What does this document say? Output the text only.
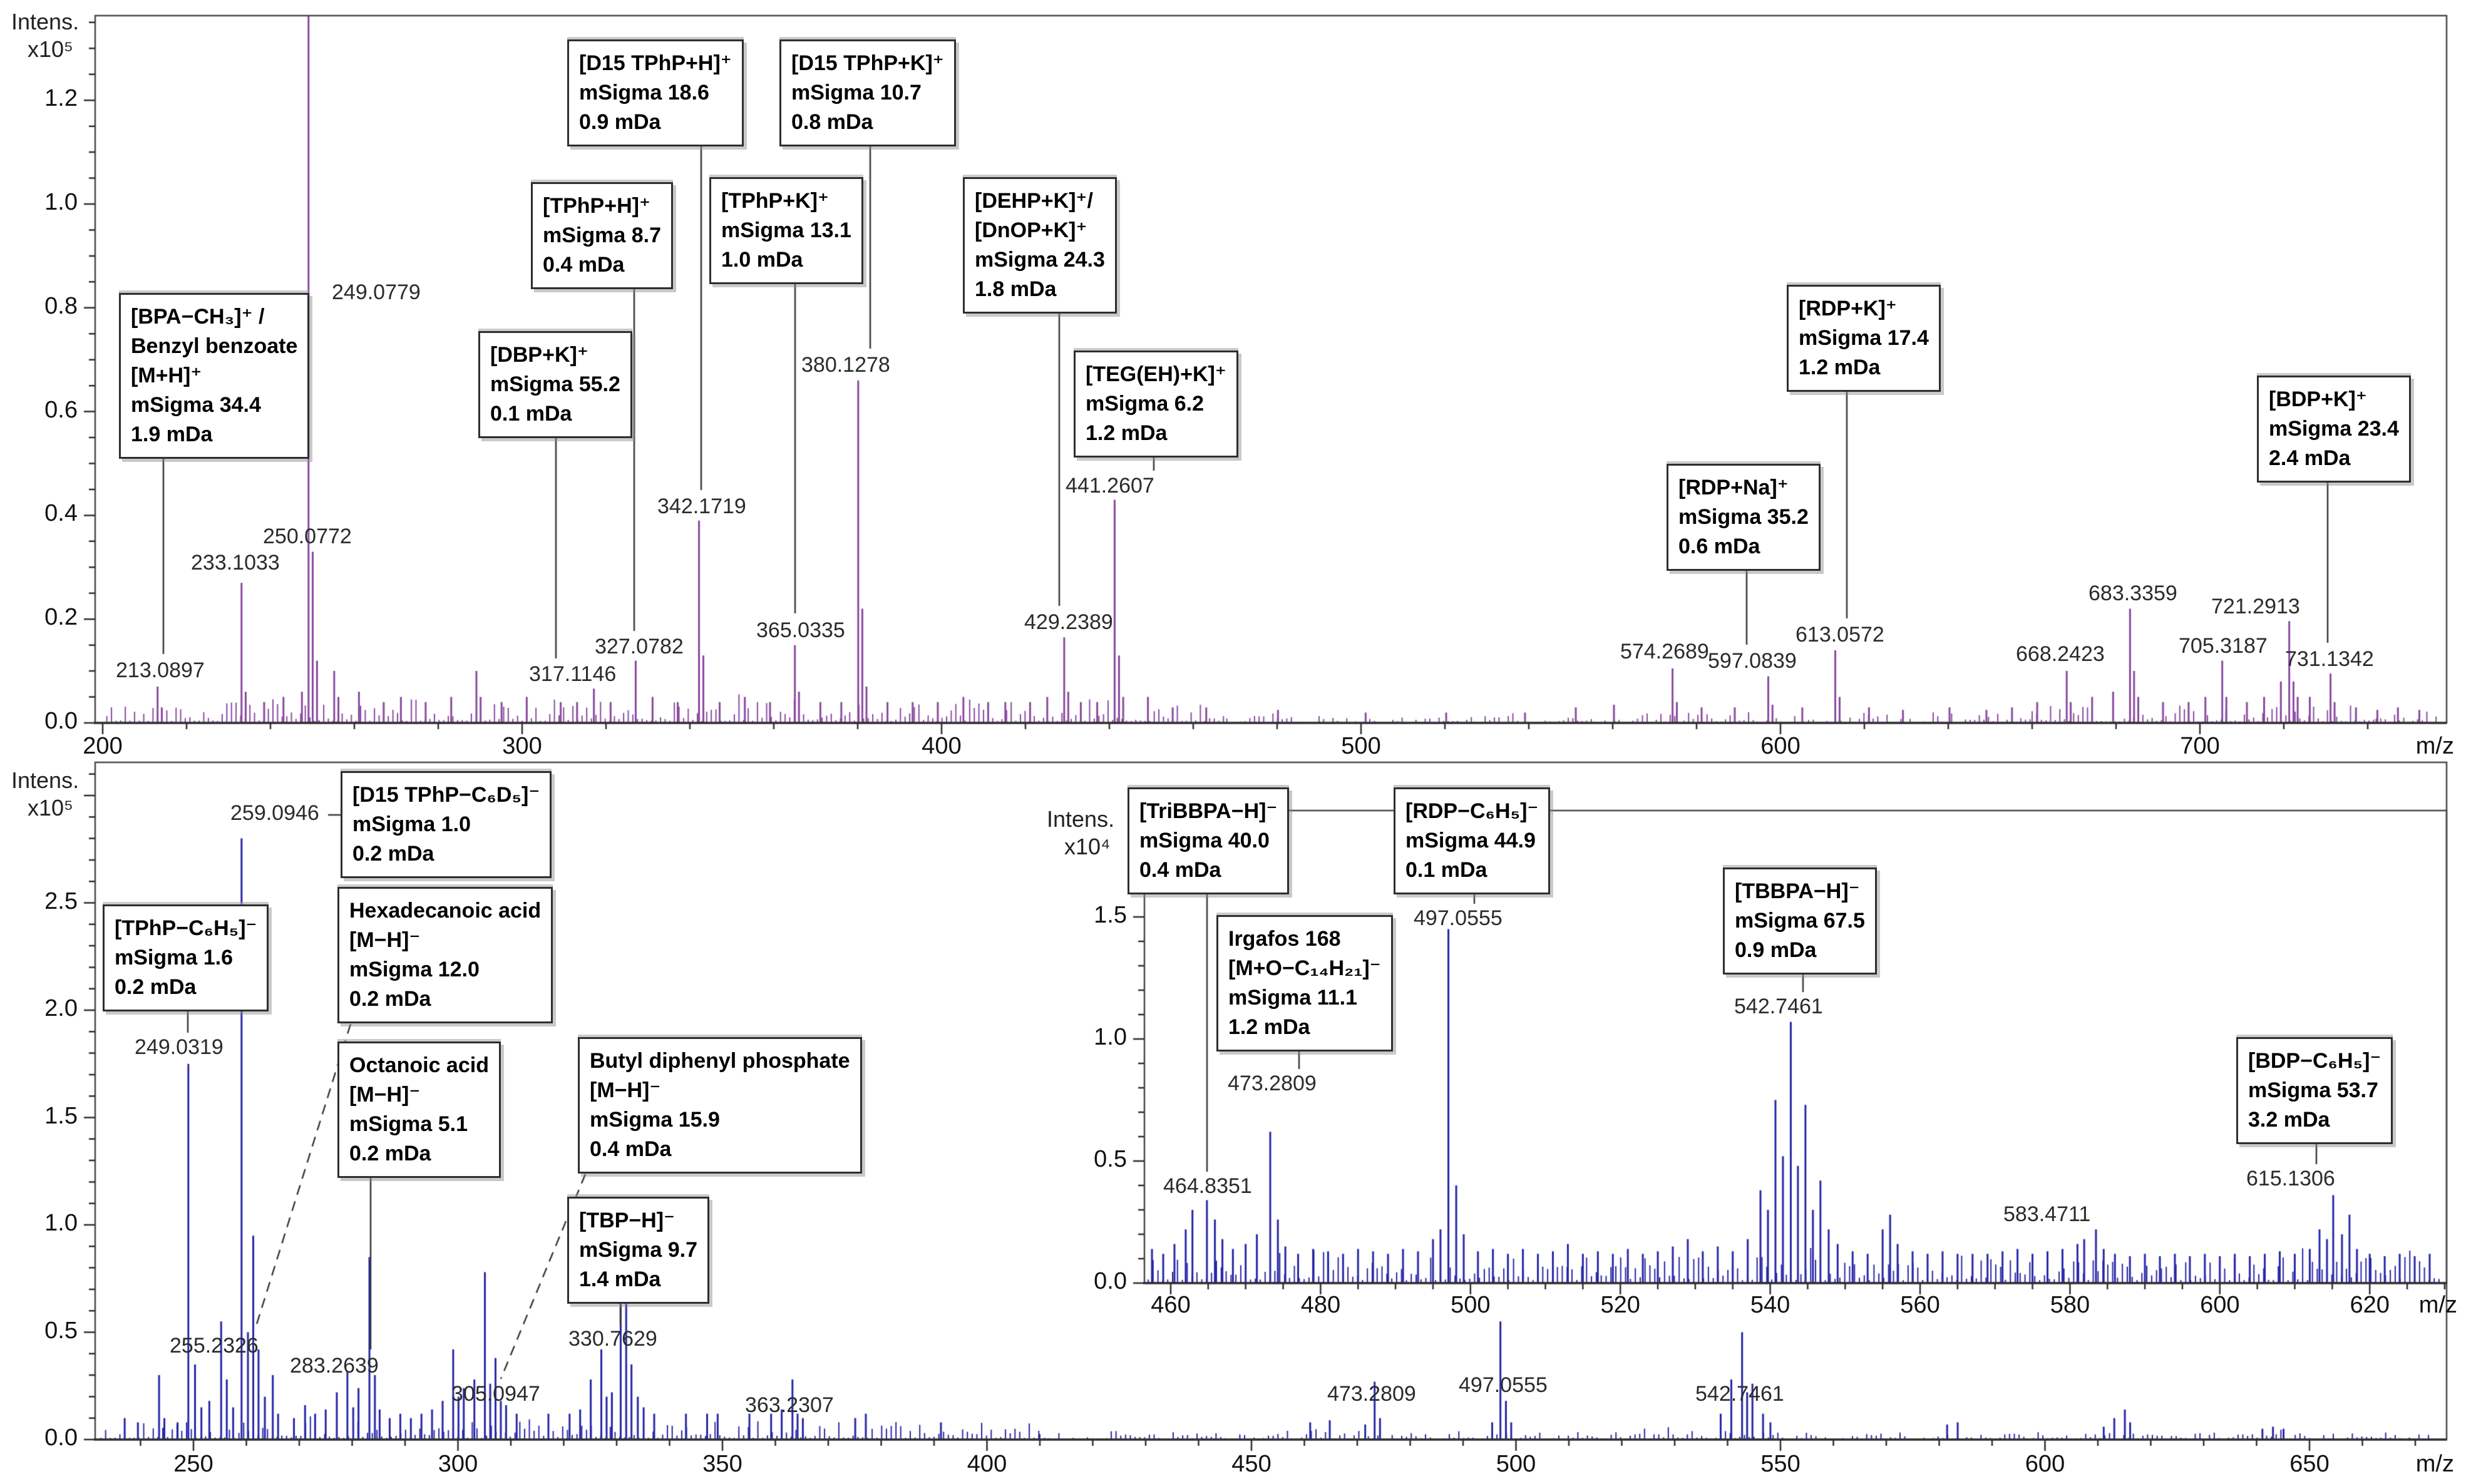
Intens.
x10⁵
0.0
0.2
0.4
0.6
0.8
1.0
1.2
200	300	400	500	600	700	m/z
213.0897
233.1033
249.0779
250.0772
317.1146
327.0782
342.1719
365.0335
380.1278
429.2389
441.2607
574.2689
597.0839
613.0572
668.2423
683.3359
705.3187
721.2913
731.1342
[BPA−CH₃]⁺ /
Benzyl benzoate
[M+H]⁺
mSigma 34.4
1.9 mDa
[DBP+K]⁺
mSigma 55.2
0.1 mDa
[TPhP+H]⁺
mSigma 8.7
0.4 mDa
[D15 TPhP+H]⁺
mSigma 18.6
0.9 mDa
[TPhP+K]⁺
mSigma 13.1
1.0 mDa
[D15 TPhP+K]⁺
mSigma 10.7
0.8 mDa
[DEHP+K]⁺/
[DnOP+K]⁺
mSigma 24.3
1.8 mDa
[TEG(EH)+K]⁺
mSigma 6.2
1.2 mDa
[RDP+Na]⁺
mSigma 35.2
0.6 mDa
[RDP+K]⁺
mSigma 17.4
1.2 mDa
[BDP+K]⁺
mSigma 23.4
2.4 mDa
Intens.
x10⁵
0.0
0.5
1.0
1.5
2.0
2.5
250	300	350	400	450	500	550	600	650	m/z
249.0319
259.0946
255.2326
283.2639
305.0947
330.7629
363.2307	473.2809 497.0555	542.7461
[TPhP−C₆H₅]⁻
mSigma 1.6
0.2 mDa
[D15 TPhP−C₆D₅]⁻
mSigma 1.0
0.2 mDa
Hexadecanoic acid
[M−H]⁻
mSigma 12.0
0.2 mDa
Octanoic acid
[M−H]⁻
mSigma 5.1
0.2 mDa
Butyl diphenyl phosphate
[M−H]⁻
mSigma 15.9
0.4 mDa
[TBP−H]⁻
mSigma 9.7
1.4 mDa
Intens.
x10⁴
0.0
0.5
1.0
1.5
460	480	500	520	540	560	580	600	620	m/z
464.8351
473.2809
497.0555
542.7461
583.4711
615.1306
[TriBBPA−H]⁻
mSigma 40.0
0.4 mDa
Irgafos 168
[M+O−C₁₄H₂₁]⁻
mSigma 11.1
1.2 mDa
[RDP−C₆H₅]⁻
mSigma 44.9
0.1 mDa
[TBBPA−H]⁻
mSigma 67.5
0.9 mDa
[BDP−C₆H₅]⁻
mSigma 53.7
3.2 mDa
